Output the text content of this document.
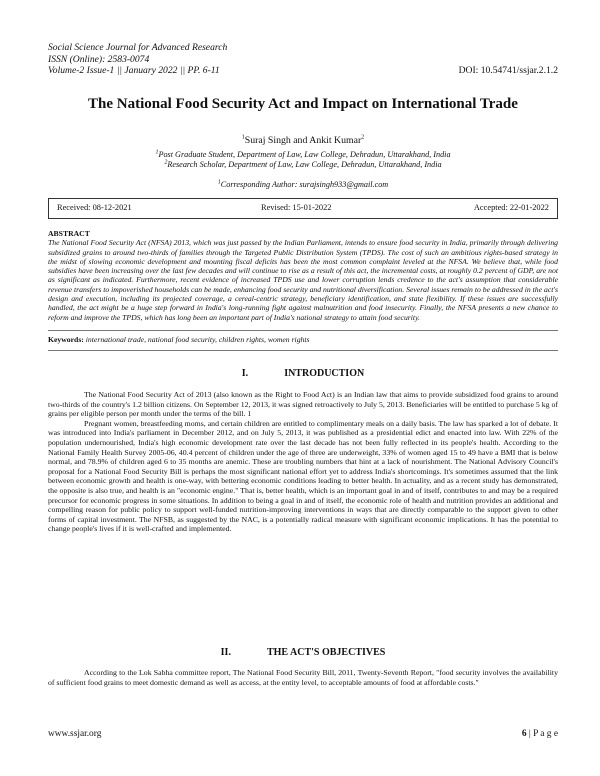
Social Science Journal for Advanced Research
ISSN (Online): 2583-0074
Volume-2 Issue-1 || January 2022 || PP. 6-11	DOI: 10.54741/ssjar.2.1.2
The National Food Security Act and Impact on International Trade
$^1$Suraj Singh and Ankit Kumar$^2$
$^1$Post Graduate Student, Department of Law, Law College, Dehradun, Uttarakhand, India
$^2$Research Scholar, Department of Law, Law College, Dehradun, Uttarakhand, India
$^1$Corresponding Author: surajsingh933@gmail.com
Received: 08-12-2021	Revised: 15-01-2022	Accepted: 22-01-2022
ABSTRACT
The National Food Security Act (NFSA) 2013, which was just passed by the Indian Parliament, intends to ensure food security in India, primarily through delivering subsidized grains to around two-thirds of families through the Targeted Public Distribution System (TPDS). The cost of such an ambitious rights-based strategy in the midst of slowing economic development and mounting fiscal deficits has been the most common complaint leveled at the NFSA. We believe that, while food subsidies have been increasing over the last few decades and will continue to rise as a result of this act, the incremental costs, at roughly 0.2 percent of GDP, are not as significant as indicated. Furthermore, recent evidence of increased TPDS use and lower corruption lends credence to the act's assumption that considerable revenue transfers to impoverished households can be made, enhancing food security and nutritional diversification. Several issues remain to be addressed in the act's design and execution, including its projected coverage, a cereal-centric strategy, beneficiary identification, and state flexibility. If these issues are successfully handled, the act might be a huge step forward in India's long-running fight against malnutrition and food insecurity. Finally, the NFSA presents a new chance to reform and improve the TPDS, which has long been an important part of India's national strategy to attain food security.
Keywords: international trade, national food security, children rights, women rights
I.	INTRODUCTION

The National Food Security Act of 2013 (also known as the Right to Food Act) is an Indian law that aims to provide subsidized food grains to around two-thirds of the country's 1.2 billion citizens. On September 12, 2013, it was signed retroactively to July 5, 2013. Beneficiaries will be entitled to purchase 5 kg of grains per eligible person per month under the terms of the bill. 1

Pregnant women, breastfeeding moms, and certain children are entitled to complimentary meals on a daily basis. The law has sparked a lot of debate. It was introduced into India's parliament in December 2012, and on July 5, 2013, it was published as a presidential edict and enacted into law. With 22% of the population undernourished, India's high economic development rate over the last decade has not been fully reflected in its people's health. According to the National Family Health Survey 2005-06, 40.4 percent of children under the age of three are underweight, 33% of women aged 15 to 49 have a BMI that is below normal, and 78.9% of children aged 6 to 35 months are anemic. These are troubling numbers that hint at a lack of nourishment. The National Advisory Council's proposal for a National Food Security Bill is perhaps the most significant national effort yet to address India's shortcomings. It's sometimes assumed that the link between economic growth and health is one-way, with bettering economic conditions leading to better health. In actuality, and as a recent study has demonstrated, the opposite is also true, and health is an "economic engine." That is, better health, which is an important goal in and of itself, contributes to and may be a required precursor for economic progress in some situations. In addition to being a goal in and of itself, the economic role of health and nutrition provides an additional and compelling reason for public policy to support well-funded nutrition-improving interventions in ways that are directly comparable to the support given to other forms of capital investment. The NFSB, as suggested by the NAC, is a potentially radical measure with significant economic implications. It has the potential to change people's lives if it is well-crafted and implemented.

II.	THE ACT'S OBJECTIVES

According to the Lok Sabha committee report, The National Food Security Bill, 2011, Twenty-Seventh Report, "food security involves the availability of sufficient food grains to meet domestic demand as well as access, at the entity level, to acceptable amounts of food at affordable costs."

www.ssjar.org	6 | P a g e
